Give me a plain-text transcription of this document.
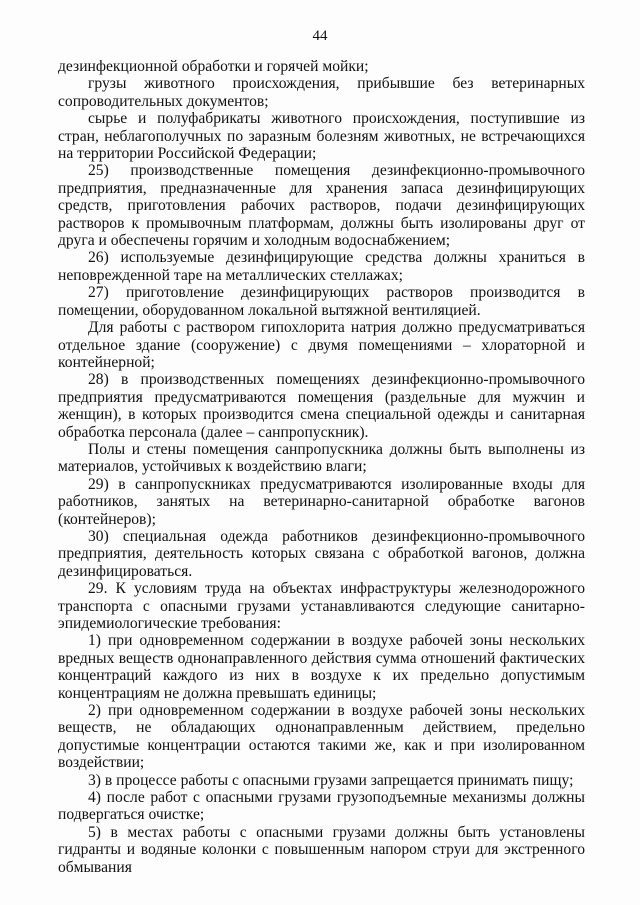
44

дезинфекционной обработки и горячей мойки;

грузы животного происхождения, прибывшие без ветеринарных сопроводительных документов;

сырье и полуфабрикаты животного происхождения, поступившие из стран, неблагополучных по заразным болезням животных, не встречающихся на территории Российской Федерации;

25) производственные помещения дезинфекционно-промывочного предприятия, предназначенные для хранения запаса дезинфицирующих средств, приготовления рабочих растворов, подачи дезинфицирующих растворов к промывочным платформам, должны быть изолированы друг от друга и обеспечены горячим и холодным водоснабжением;

26) используемые дезинфицирующие средства должны храниться в неповрежденной таре на металлических стеллажах;

27) приготовление дезинфицирующих растворов производится в помещении, оборудованном локальной вытяжной вентиляцией.

Для работы с раствором гипохлорита натрия должно предусматриваться отдельное здание (сооружение) с двумя помещениями – хлораторной и контейнерной;

28) в производственных помещениях дезинфекционно-промывочного предприятия предусматриваются помещения (раздельные для мужчин и женщин), в которых производится смена специальной одежды и санитарная обработка персонала (далее – санпропускник).

Полы и стены помещения санпропускника должны быть выполнены из материалов, устойчивых к воздействию влаги;

29) в санпропускниках предусматриваются изолированные входы для работников, занятых на ветеринарно-санитарной обработке вагонов (контейнеров);

30) специальная одежда работников дезинфекционно-промывочного предприятия, деятельность которых связана с обработкой вагонов, должна дезинфицироваться.

29. К условиям труда на объектах инфраструктуры железнодорожного транспорта с опасными грузами устанавливаются следующие санитарно-эпидемиологические требования:

1) при одновременном содержании в воздухе рабочей зоны нескольких вредных веществ однонаправленного действия сумма отношений фактических концентраций каждого из них в воздухе к их предельно допустимым концентрациям не должна превышать единицы;

2) при одновременном содержании в воздухе рабочей зоны нескольких веществ, не обладающих однонаправленным действием, предельно допустимые концентрации остаются такими же, как и при изолированном воздействии;

3) в процессе работы с опасными грузами запрещается принимать пищу;

4) после работ с опасными грузами грузоподъемные механизмы должны подвергаться очистке;

5) в местах работы с опасными грузами должны быть установлены гидранты и водяные колонки с повышенным напором струи для экстренного обмывания
